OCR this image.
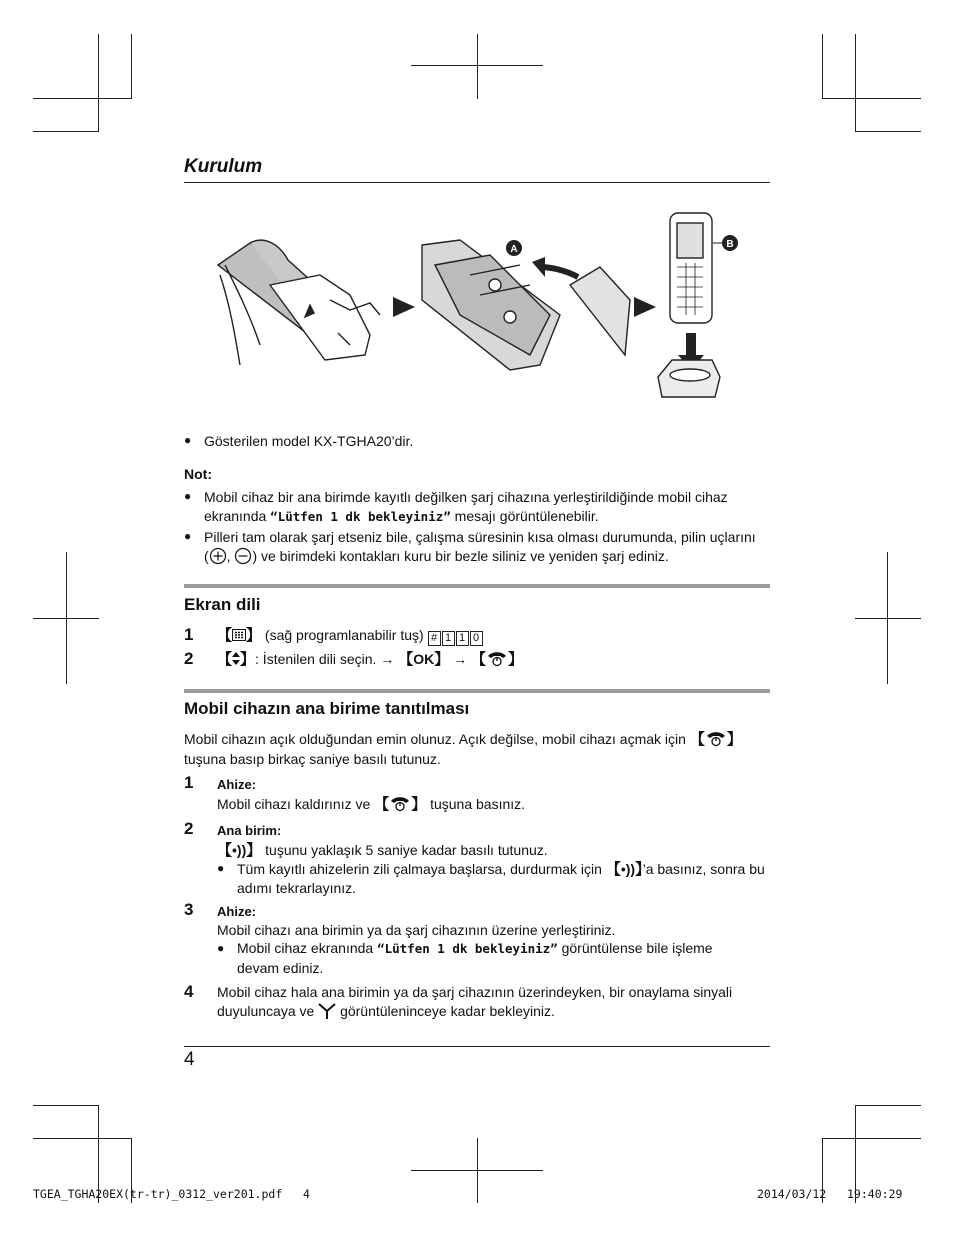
Kurulum
A	B
● Gösterilen model KX-TGHA20’dir.
Not:
● Mobil cihaz bir ana birimde kayıtlı değilken şarj cihazına yerleştirildiğinde mobil cihaz
ekranında “Lütfen 1 dk bekleyiniz” mesajı görüntülenebilir.
● Pilleri tam olarak şarj etseniz bile, çalışma süresinin kısa olması durumunda, pilin uçlarını
( , ) ve birimdeki kontakları kuru bir bezle siliniz ve yeniden şarj ediniz.
Ekran dili
1 【 】 (sağ programlanabilir tuş) # 1 1 0
2 【 】: İstenilen dili seçin. → 【OK】 → 【 】
Mobil cihazın ana birime tanıtılması
Mobil cihazın açık olduğundan emin olunuz. Açık değilse, mobil cihazı açmak için 【 】
tuşuna basıp birkaç saniye basılı tutunuz.
1 Ahize:
Mobil cihazı kaldırınız ve 【 】 tuşuna basınız.
2 Ana birim:
【•))】 tuşunu yaklaşık 5 saniye kadar basılı tutunuz.
● Tüm kayıtlı ahizelerin zili çalmaya başlarsa, durdurmak için 【•))】’a basınız, sonra bu
adımı tekrarlayınız.
3 Ahize:
Mobil cihazı ana birimin ya da şarj cihazının üzerine yerleştiriniz.
● Mobil cihaz ekranında “Lütfen 1 dk bekleyiniz” görüntülense bile işleme
devam ediniz.
4 Mobil cihaz hala ana birimin ya da şarj cihazının üzerindeyken, bir onaylama sinyali
duyuluncaya ve  görüntüleninceye kadar bekleyiniz.
4
TGEA_TGHA20EX(tr-tr)_0312_ver201.pdf   4	2014/03/12   19:40:29
